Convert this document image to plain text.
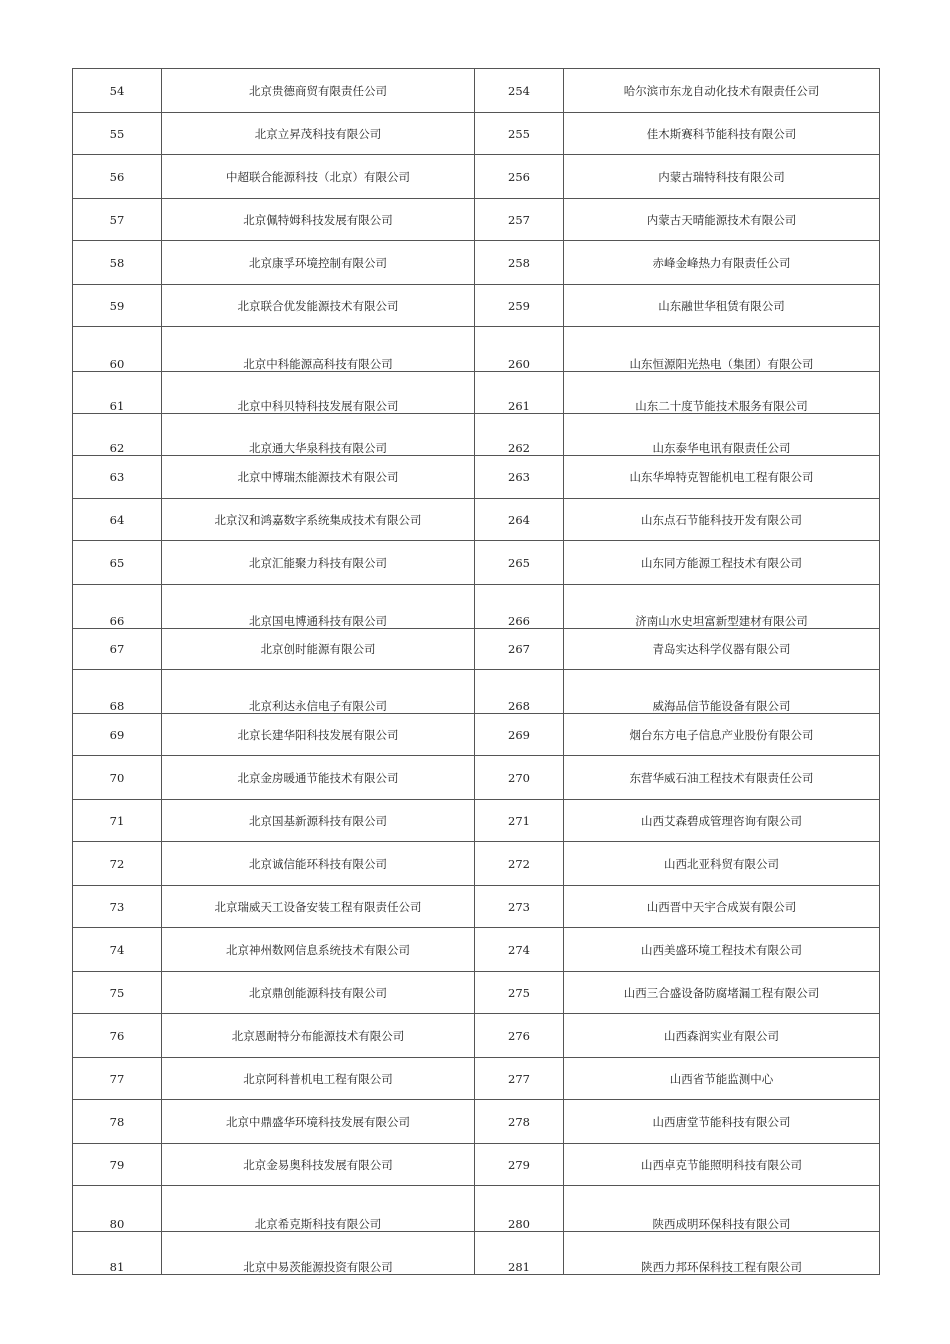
54	北京贵德商贸有限责任公司	254	哈尔滨市东龙自动化技术有限责任公司
55	北京立昇茂科技有限公司	255	佳木斯赛科节能科技有限公司
56	中超联合能源科技（北京）有限公司	256	内蒙古瑞特科技有限公司
57	北京佩特姆科技发展有限公司	257	内蒙古天晴能源技术有限公司
58	北京康孚环境控制有限公司	258	赤峰金峰热力有限责任公司
59	北京联合优发能源技术有限公司	259	山东融世华租赁有限公司
60	北京中科能源高科技有限公司	260	山东恒源阳光热电（集团）有限公司
61	北京中科贝特科技发展有限公司	261	山东二十度节能技术服务有限公司
62	北京通大华泉科技有限公司	262	山东泰华电讯有限责任公司
63	北京中博瑞杰能源技术有限公司	263	山东华埠特克智能机电工程有限公司
64	北京汉和鸿嘉数字系统集成技术有限公司	264	山东点石节能科技开发有限公司
65	北京汇能聚力科技有限公司	265	山东同方能源工程技术有限公司
66	北京国电博通科技有限公司	266	济南山水史坦富新型建材有限公司
67	北京创时能源有限公司	267	青岛实达科学仪器有限公司
68	北京利达永信电子有限公司	268	威海品信节能设备有限公司
69	北京长建华阳科技发展有限公司	269	烟台东方电子信息产业股份有限公司
70	北京金房暖通节能技术有限公司	270	东营华威石油工程技术有限责任公司
71	北京国基新源科技有限公司	271	山西艾森碧成管理咨询有限公司
72	北京诚信能环科技有限公司	272	山西北亚科贸有限公司
73	北京瑞威天工设备安装工程有限责任公司	273	山西晋中天宇合成炭有限公司
74	北京神州数网信息系统技术有限公司	274	山西美盛环境工程技术有限公司
75	北京鼎创能源科技有限公司	275	山西三合盛设备防腐堵漏工程有限公司
76	北京恩耐特分布能源技术有限公司	276	山西森润实业有限公司
77	北京阿科普机电工程有限公司	277	山西省节能监测中心
78	北京中鼎盛华环境科技发展有限公司	278	山西唐堂节能科技有限公司
79	北京金易奥科技发展有限公司	279	山西卓克节能照明科技有限公司
80	北京希克斯科技有限公司	280	陕西成明环保科技有限公司
81	北京中易茨能源投资有限公司	281	陕西力邦环保科技工程有限公司
